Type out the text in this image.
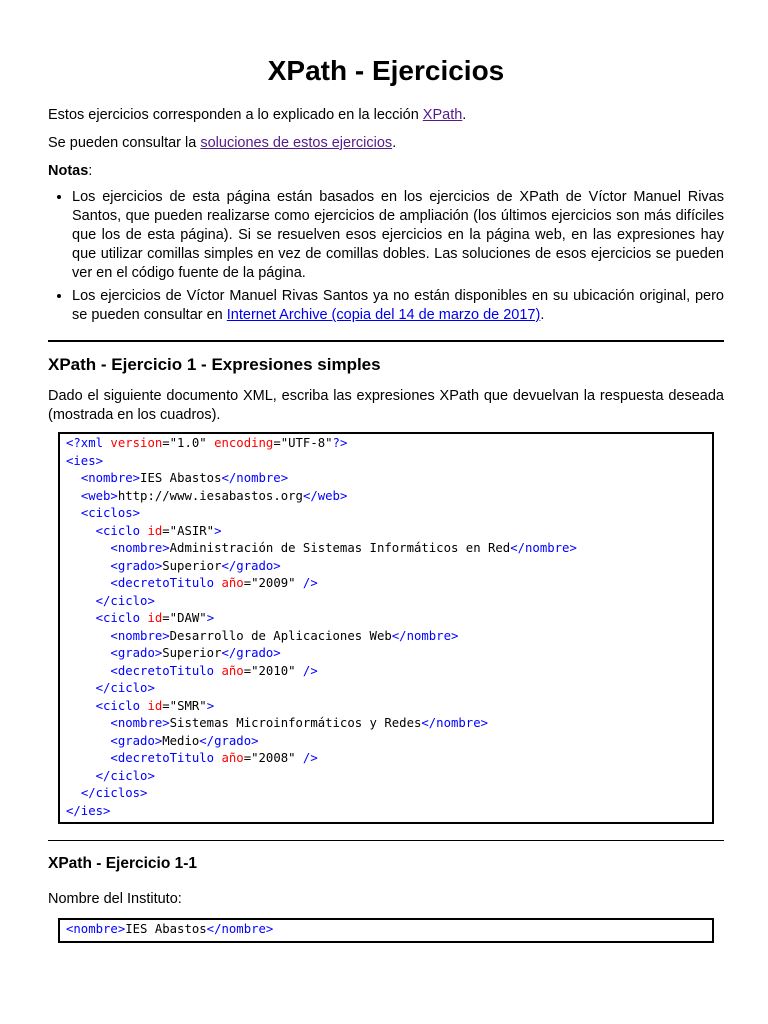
XPath - Ejercicios

Estos ejercicios corresponden a lo explicado en la lección XPath.

Se pueden consultar la soluciones de estos ejercicios.

Notas:

• Los ejercicios de esta página están basados en los ejercicios de XPath de Víctor Manuel Rivas Santos, que pueden realizarse como ejercicios de ampliación (los últimos ejercicios son más difíciles que los de esta página). Si se resuelven esos ejercicios en la página web, en las expresiones hay que utilizar comillas simples en vez de comillas dobles. Las soluciones de esos ejercicios se pueden ver en el código fuente de la página.
• Los ejercicios de Víctor Manuel Rivas Santos ya no están disponibles en su ubicación original, pero se pueden consultar en Internet Archive (copia del 14 de marzo de 2017).
XPath - Ejercicio 1 - Expresiones simples

Dado el siguiente documento XML, escriba las expresiones XPath que devuelvan la respuesta deseada (mostrada en los cuadros).

<?xml version="1.0" encoding="UTF-8"?>
<ies>
<nombre>IES Abastos</nombre>
<web>http://www.iesabastos.org</web>
<ciclos>
<ciclo id="ASIR">
<nombre>Administración de Sistemas Informáticos en Red</nombre>
<grado>Superior</grado>
<decretoTitulo año="2009" />
</ciclo>
<ciclo id="DAW">
<nombre>Desarrollo de Aplicaciones Web</nombre>
<grado>Superior</grado>
<decretoTitulo año="2010" />
</ciclo>
<ciclo id="SMR">
<nombre>Sistemas Microinformáticos y Redes</nombre>
<grado>Medio</grado>
<decretoTitulo año="2008" />
</ciclo>
</ciclos>
</ies>
XPath - Ejercicio 1-1

Nombre del Instituto:

<nombre>IES Abastos</nombre>
